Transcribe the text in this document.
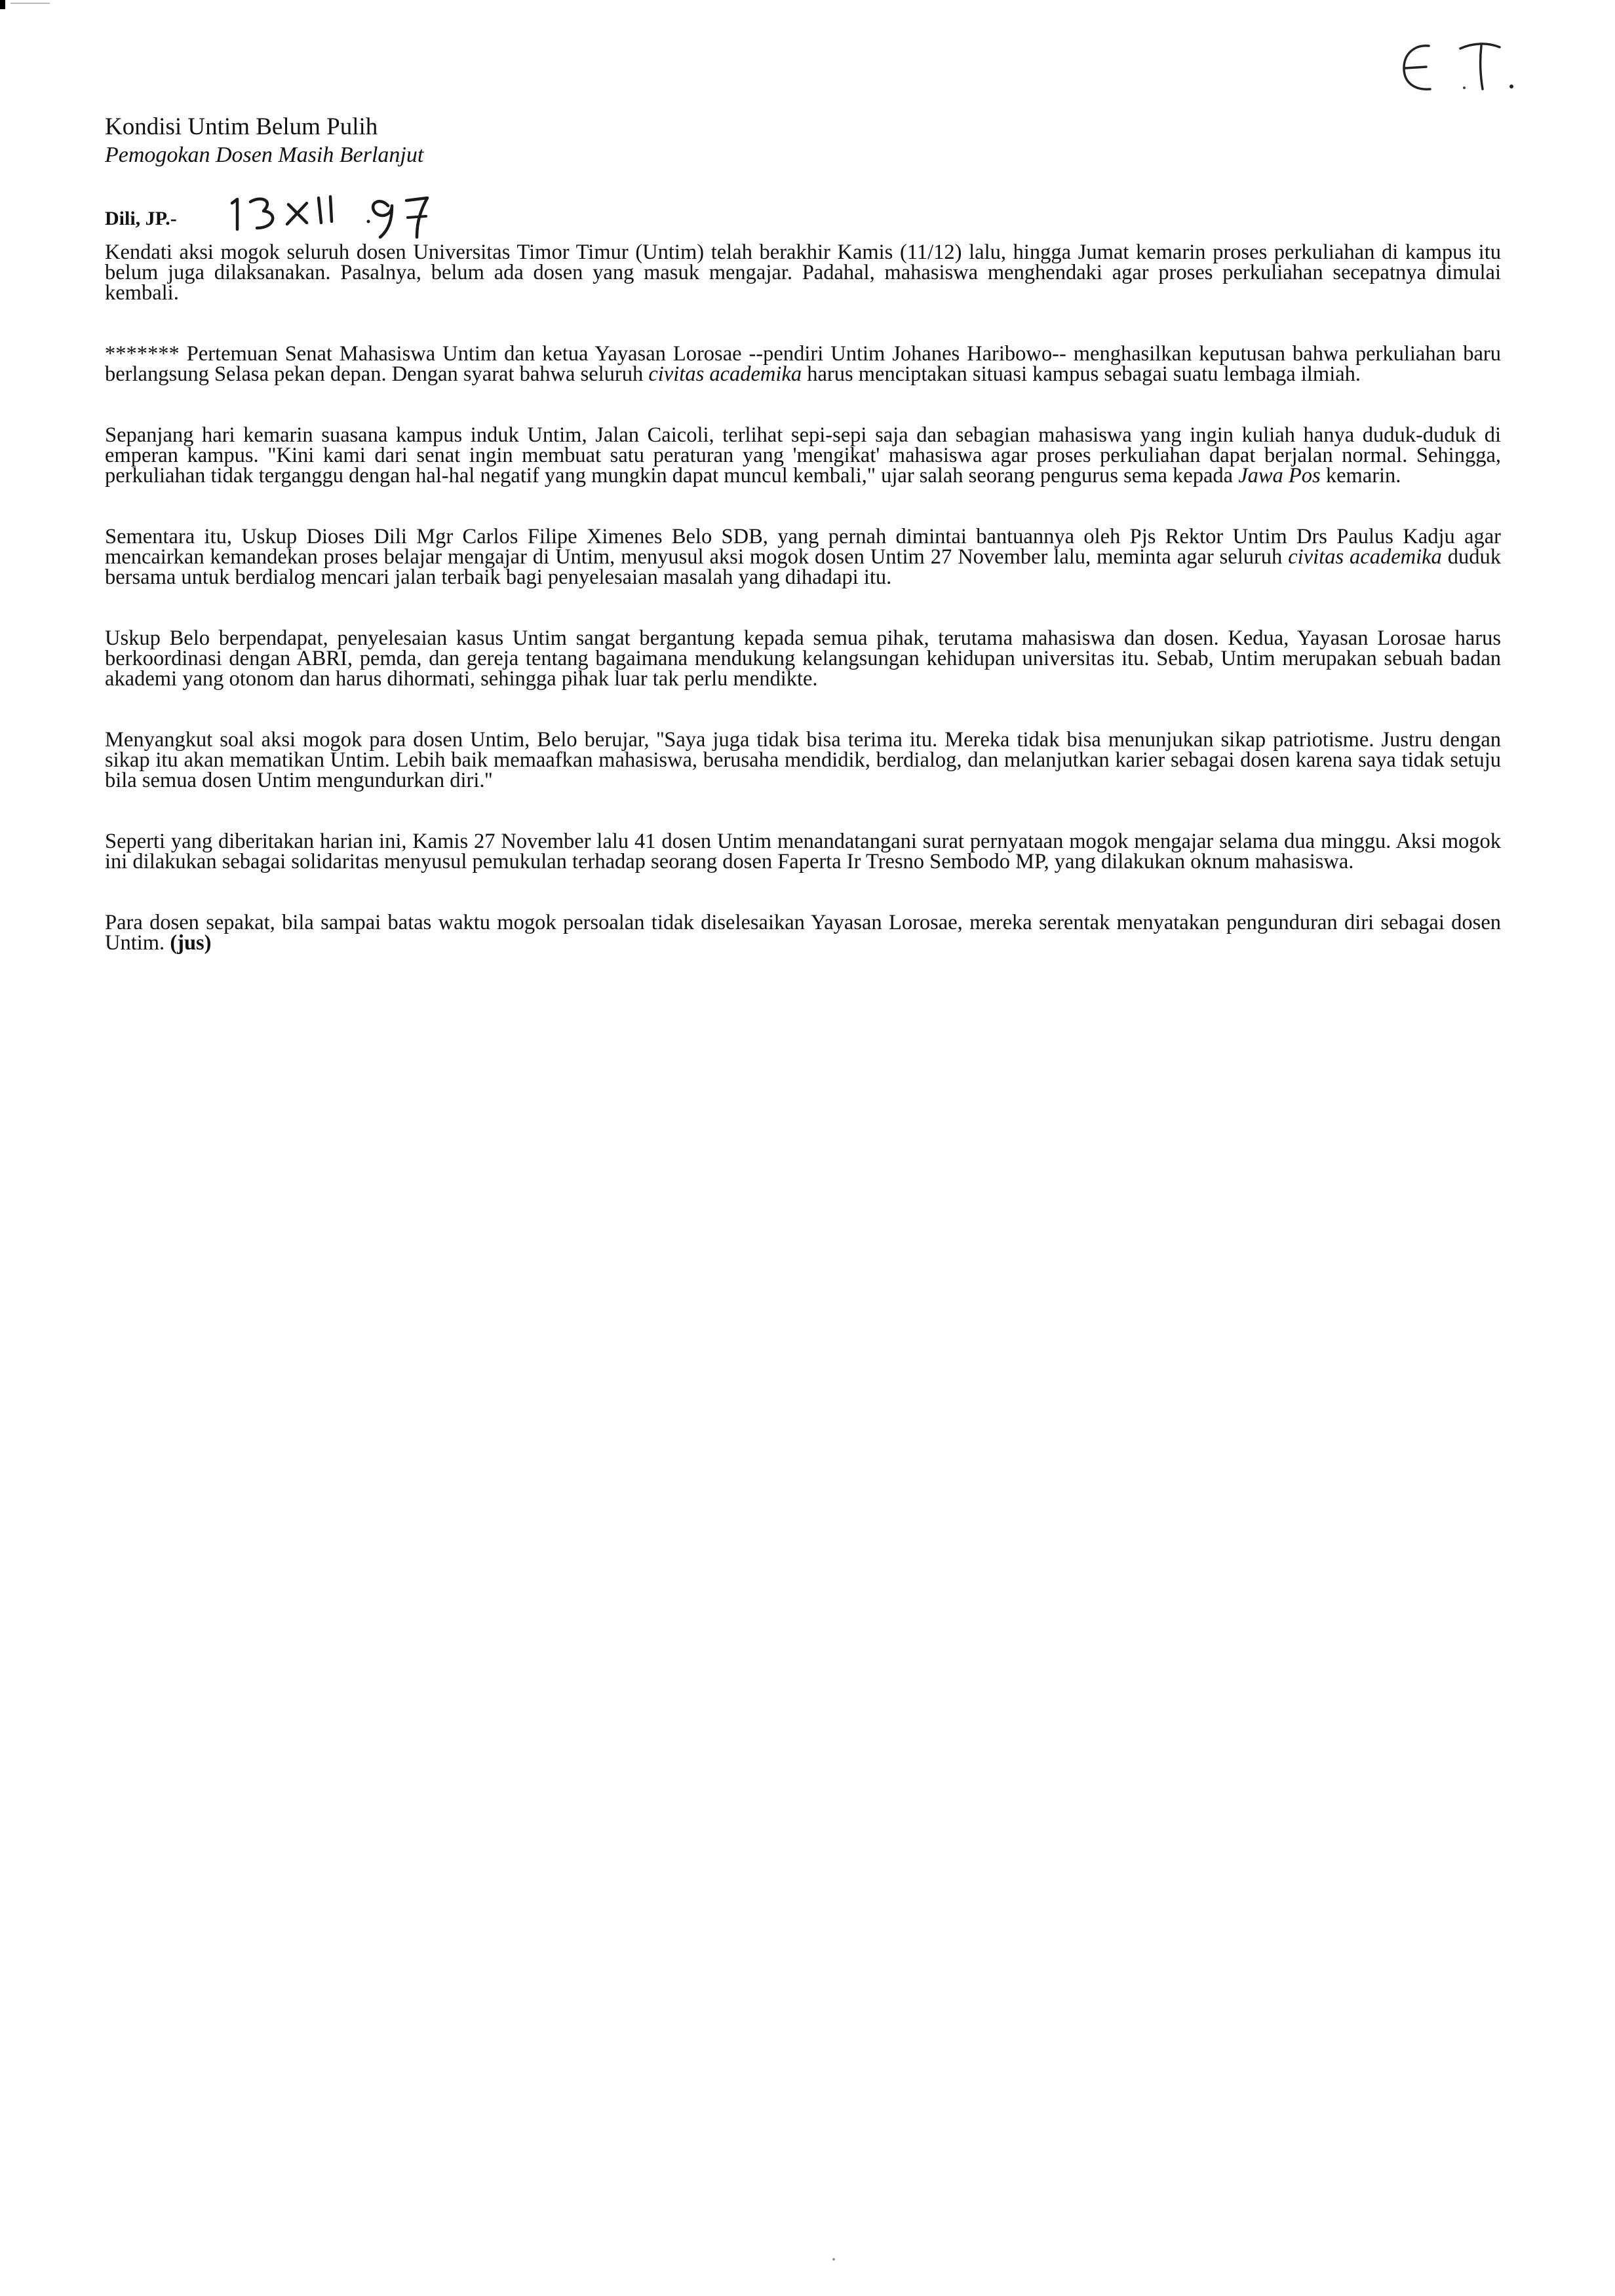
Kondisi Untim Belum Pulih
Pemogokan Dosen Masih Berlanjut
Dili, JP.-

Kendati aksi mogok seluruh dosen Universitas Timor Timur (Untim) telah berakhir Kamis (11/12) lalu, hingga Jumat kemarin proses perkuliahan di kampus itu belum juga dilaksanakan. Pasalnya, belum ada dosen yang masuk mengajar. Padahal, mahasiswa menghendaki agar proses perkuliahan secepatnya dimulai kembali.

******* Pertemuan Senat Mahasiswa Untim dan ketua Yayasan Lorosae --pendiri Untim Johanes Haribowo-- menghasilkan keputusan bahwa perkuliahan baru berlangsung Selasa pekan depan. Dengan syarat bahwa seluruh civitas academika harus menciptakan situasi kampus sebagai suatu lembaga ilmiah.

Sepanjang hari kemarin suasana kampus induk Untim, Jalan Caicoli, terlihat sepi-sepi saja dan sebagian mahasiswa yang ingin kuliah hanya duduk-duduk di emperan kampus. "Kini kami dari senat ingin membuat satu peraturan yang 'mengikat' mahasiswa agar proses perkuliahan dapat berjalan normal. Sehingga, perkuliahan tidak terganggu dengan hal-hal negatif yang mungkin dapat muncul kembali," ujar salah seorang pengurus sema kepada Jawa Pos kemarin.

Sementara itu, Uskup Dioses Dili Mgr Carlos Filipe Ximenes Belo SDB, yang pernah dimintai bantuannya oleh Pjs Rektor Untim Drs Paulus Kadju agar mencairkan kemandekan proses belajar mengajar di Untim, menyusul aksi mogok dosen Untim 27 November lalu, meminta agar seluruh civitas academika duduk bersama untuk berdialog mencari jalan terbaik bagi penyelesaian masalah yang dihadapi itu.

Uskup Belo berpendapat, penyelesaian kasus Untim sangat bergantung kepada semua pihak, terutama mahasiswa dan dosen. Kedua, Yayasan Lorosae harus berkoordinasi dengan ABRI, pemda, dan gereja tentang bagaimana mendukung kelangsungan kehidupan universitas itu. Sebab, Untim merupakan sebuah badan akademi yang otonom dan harus dihormati, sehingga pihak luar tak perlu mendikte.

Menyangkut soal aksi mogok para dosen Untim, Belo berujar, ''Saya juga tidak bisa terima itu. Mereka tidak bisa menunjukan sikap patriotisme. Justru dengan sikap itu akan mematikan Untim. Lebih baik memaafkan mahasiswa, berusaha mendidik, berdialog, dan melanjutkan karier sebagai dosen karena saya tidak setuju bila semua dosen Untim mengundurkan diri.''

Seperti yang diberitakan harian ini, Kamis 27 November lalu 41 dosen Untim menandatangani surat pernyataan mogok mengajar selama dua minggu. Aksi mogok ini dilakukan sebagai solidaritas menyusul pemukulan terhadap seorang dosen Faperta Ir Tresno Sembodo MP, yang dilakukan oknum mahasiswa.

Para dosen sepakat, bila sampai batas waktu mogok persoalan tidak diselesaikan Yayasan Lorosae, mereka serentak menyatakan pengunduran diri sebagai dosen Untim. (jus)
